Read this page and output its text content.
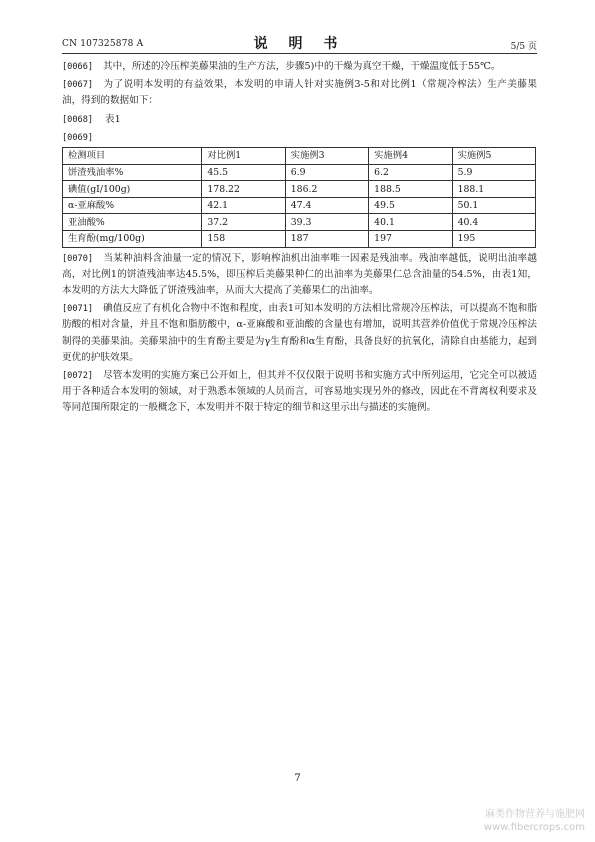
CN 107325878 A	说 明 书	5/5 页

[0066] 其中，所述的冷压榨美藤果油的生产方法，步骤5)中的干燥为真空干燥，干燥温度低于55℃。

[0067] 为了说明本发明的有益效果，本发明的申请人针对实施例3-5和对比例1（常规冷榨法）生产美藤果油，得到的数据如下：

[0068] 表1

[0069]

检测项目	对比例1	实施例3	实施例4	实施例5
饼渣残油率%	45.5	6.9	6.2	5.9
碘值(gI/100g)	178.22	186.2	188.5	188.1
α-亚麻酸%	42.1	47.4	49.5	50.1
亚油酸%	37.2	39.3	40.1	40.4
生育酚(mg/100g)	158	187	197	195

[0070] 当某种油料含油量一定的情况下，影响榨油机出油率唯一因素是残油率。残油率越低，说明出油率越高，对比例1的饼渣残油率达45.5%，即压榨后美藤果种仁的出油率为美藤果仁总含油量的54.5%，由表1知，本发明的方法大大降低了饼渣残油率，从而大大提高了美藤果仁的出油率。

[0071] 碘值反应了有机化合物中不饱和程度，由表1可知本发明的方法相比常规冷压榨法，可以提高不饱和脂肪酸的相对含量，并且不饱和脂肪酸中，α-亚麻酸和亚油酸的含量也有增加，说明其营养价值优于常规冷压榨法制得的美藤果油。美藤果油中的生育酚主要是为γ生育酚和α生育酚，具备良好的抗氧化，清除自由基能力，起到更优的护肤效果。

[0072] 尽管本发明的实施方案已公开如上，但其并不仅仅限于说明书和实施方式中所列运用，它完全可以被适用于各种适合本发明的领域，对于熟悉本领域的人员而言，可容易地实现另外的修改，因此在不背离权利要求及等同范围所限定的一般概念下，本发明并不限于特定的细节和这里示出与描述的实施例。

7
麻类作物营养与施肥网
www.fibercrops.com
